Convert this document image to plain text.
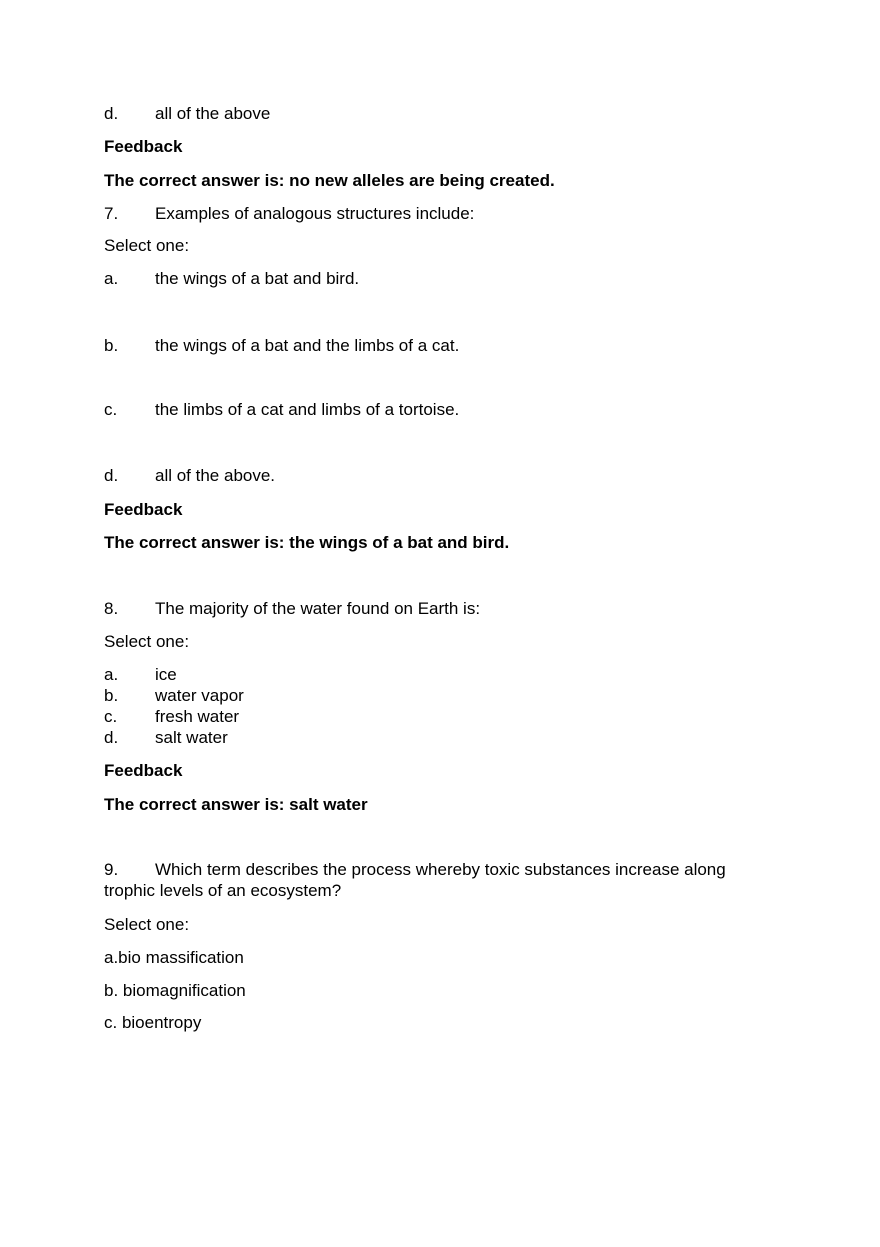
d. all of the above
Feedback
The correct answer is: no new alleles are being created.
7. Examples of analogous structures include:
Select one:
a. the wings of a bat and bird.
b. the wings of a bat and the limbs of a cat.
c. the limbs of a cat and limbs of a tortoise.
d. all of the above.
Feedback
The correct answer is: the wings of a bat and bird.
8. The majority of the water found on Earth is:
Select one:
a. ice
b. water vapor
c. fresh water
d. salt water
Feedback
The correct answer is: salt water
9. Which term describes the process whereby toxic substances increase along trophic levels of an ecosystem?
Select one:
a.bio massification
b. biomagnification
c. bioentropy
